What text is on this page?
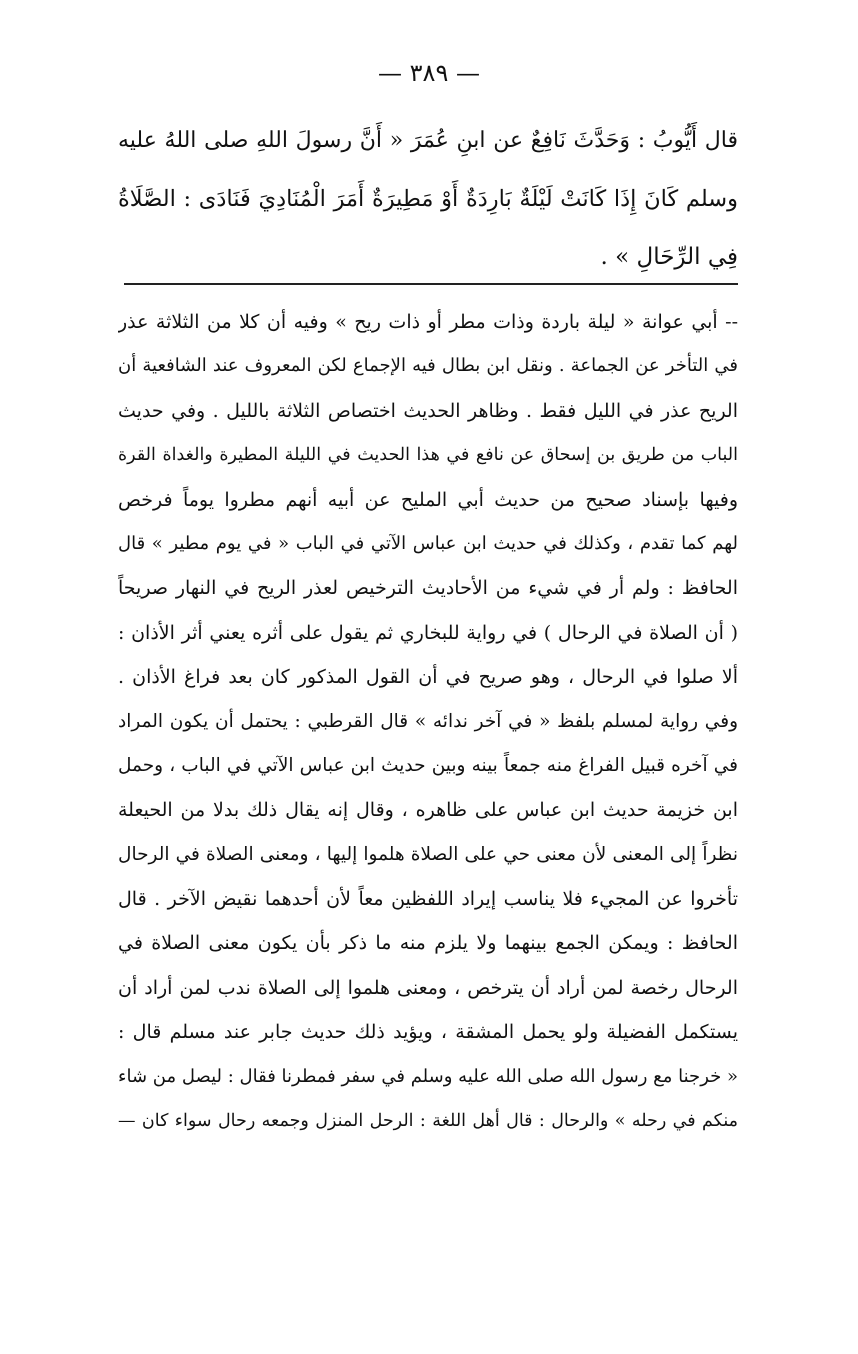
— ٣٨٩ —
قال أَيُّوبُ : وَحَدَّثَ نَافِعٌ عن ابنِ عُمَرَ « أَنَّ رسولَ اللهِ صلى اللهُ عليه
وسلم كَانَ إِذَا كَانَتْ لَيْلَةٌ بَارِدَةٌ أَوْ مَطِيرَةٌ أَمَرَ الْمُنَادِيَ فَنَادَى : الصَّلَاةُ
فِي الرِّحَالِ » .
-- أبي عوانة « ليلة باردة وذات مطر أو ذات ريح » وفيه أن كلا من الثلاثة عذر
في التأخر عن الجماعة . ونقل ابن بطال فيه الإجماع لكن المعروف عند الشافعية أن
الريح عذر في الليل فقط . وظاهر الحديث اختصاص الثلاثة بالليل . وفي حديث
الباب من طريق بن إسحاق عن نافع في هذا الحديث في الليلة المطيرة والغداة القرة
وفيها بإسناد صحيح من حديث أبي المليح عن أبيه أنهم مطروا يوماً فرخص
لهم كما تقدم ، وكذلك في حديث ابن عباس الآتي في الباب « في يوم مطير » قال
الحافظ : ولم أر في شيء من الأحاديث الترخيص لعذر الريح في النهار صريحاً
( أن الصلاة في الرحال ) في رواية للبخاري ثم يقول على أثره يعني أثر الأذان :
ألا صلوا في الرحال ، وهو صريح في أن القول المذكور كان بعد فراغ الأذان .
وفي رواية لمسلم بلفظ « في آخر ندائه » قال القرطبي : يحتمل أن يكون المراد
في آخره قبيل الفراغ منه جمعاً بينه وبين حديث ابن عباس الآتي في الباب ، وحمل
ابن خزيمة حديث ابن عباس على ظاهره ، وقال إنه يقال ذلك بدلا من الحيعلة
نظراً إلى المعنى لأن معنى حي على الصلاة هلموا إليها ، ومعنى الصلاة في الرحال
تأخروا عن المجيء فلا يناسب إيراد اللفظين معاً لأن أحدهما نقيض الآخر . قال
الحافظ : ويمكن الجمع بينهما ولا يلزم منه ما ذكر بأن يكون معنى الصلاة في
الرحال رخصة لمن أراد أن يترخص ، ومعنى هلموا إلى الصلاة ندب لمن أراد أن
يستكمل الفضيلة ولو يحمل المشقة ، ويؤيد ذلك حديث جابر عند مسلم قال :
« خرجنا مع رسول الله صلى الله عليه وسلم في سفر فمطرنا فقال : ليصل من شاء
منكم في رحله » والرحال : قال أهل اللغة : الرحل المنزل وجمعه رحال سواء كان —
